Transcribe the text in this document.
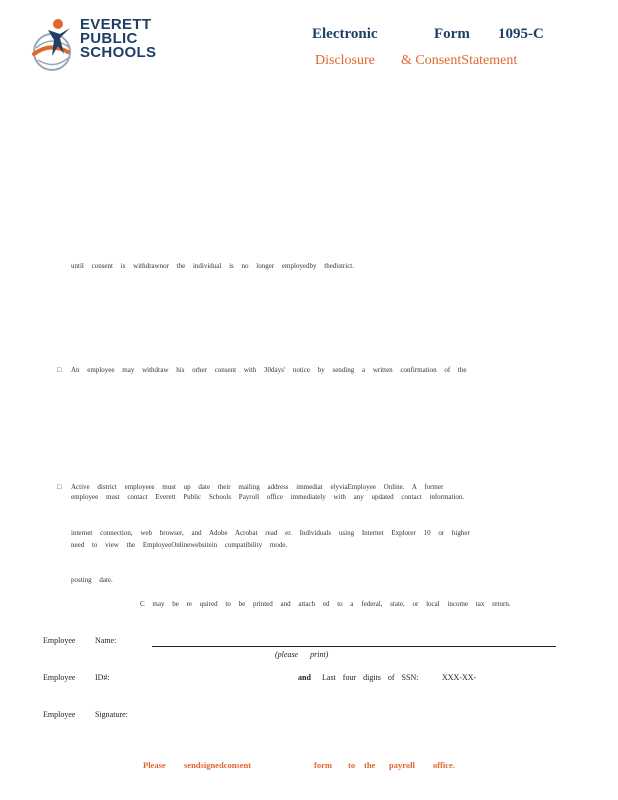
EVERETT
PUBLIC
SCHOOLS
Electronic	Form 1095-C
Disclosure & ConsentStatement
until consent is withdrawnor the individual is no longer employedby thedistrict.
□ An employee may withdraw his orher consent with 30days' notice by sending a written confirmation of the
□ Active district employees must up date their mailing address immediat elyviaEmployee Online. A former
employee must contact Everett Public Schools Payroll office immediately with any updated contact information.
internet connection, web browser, and Adobe Acrobat read er. Individuals using Internet Explorer 10 or higher
need to view the EmployeeOnlinewebsitein compatibility mode.
posting date.
C may be re quired to be printed and attach ed to a federal, state, or local income tax return.
Employee Name:
(please print)
Employee ID#:	and Last four digits of SSN:	XXX-XX-
Employee Signature:
Please sendsignedconsent	form to the payroll office.
